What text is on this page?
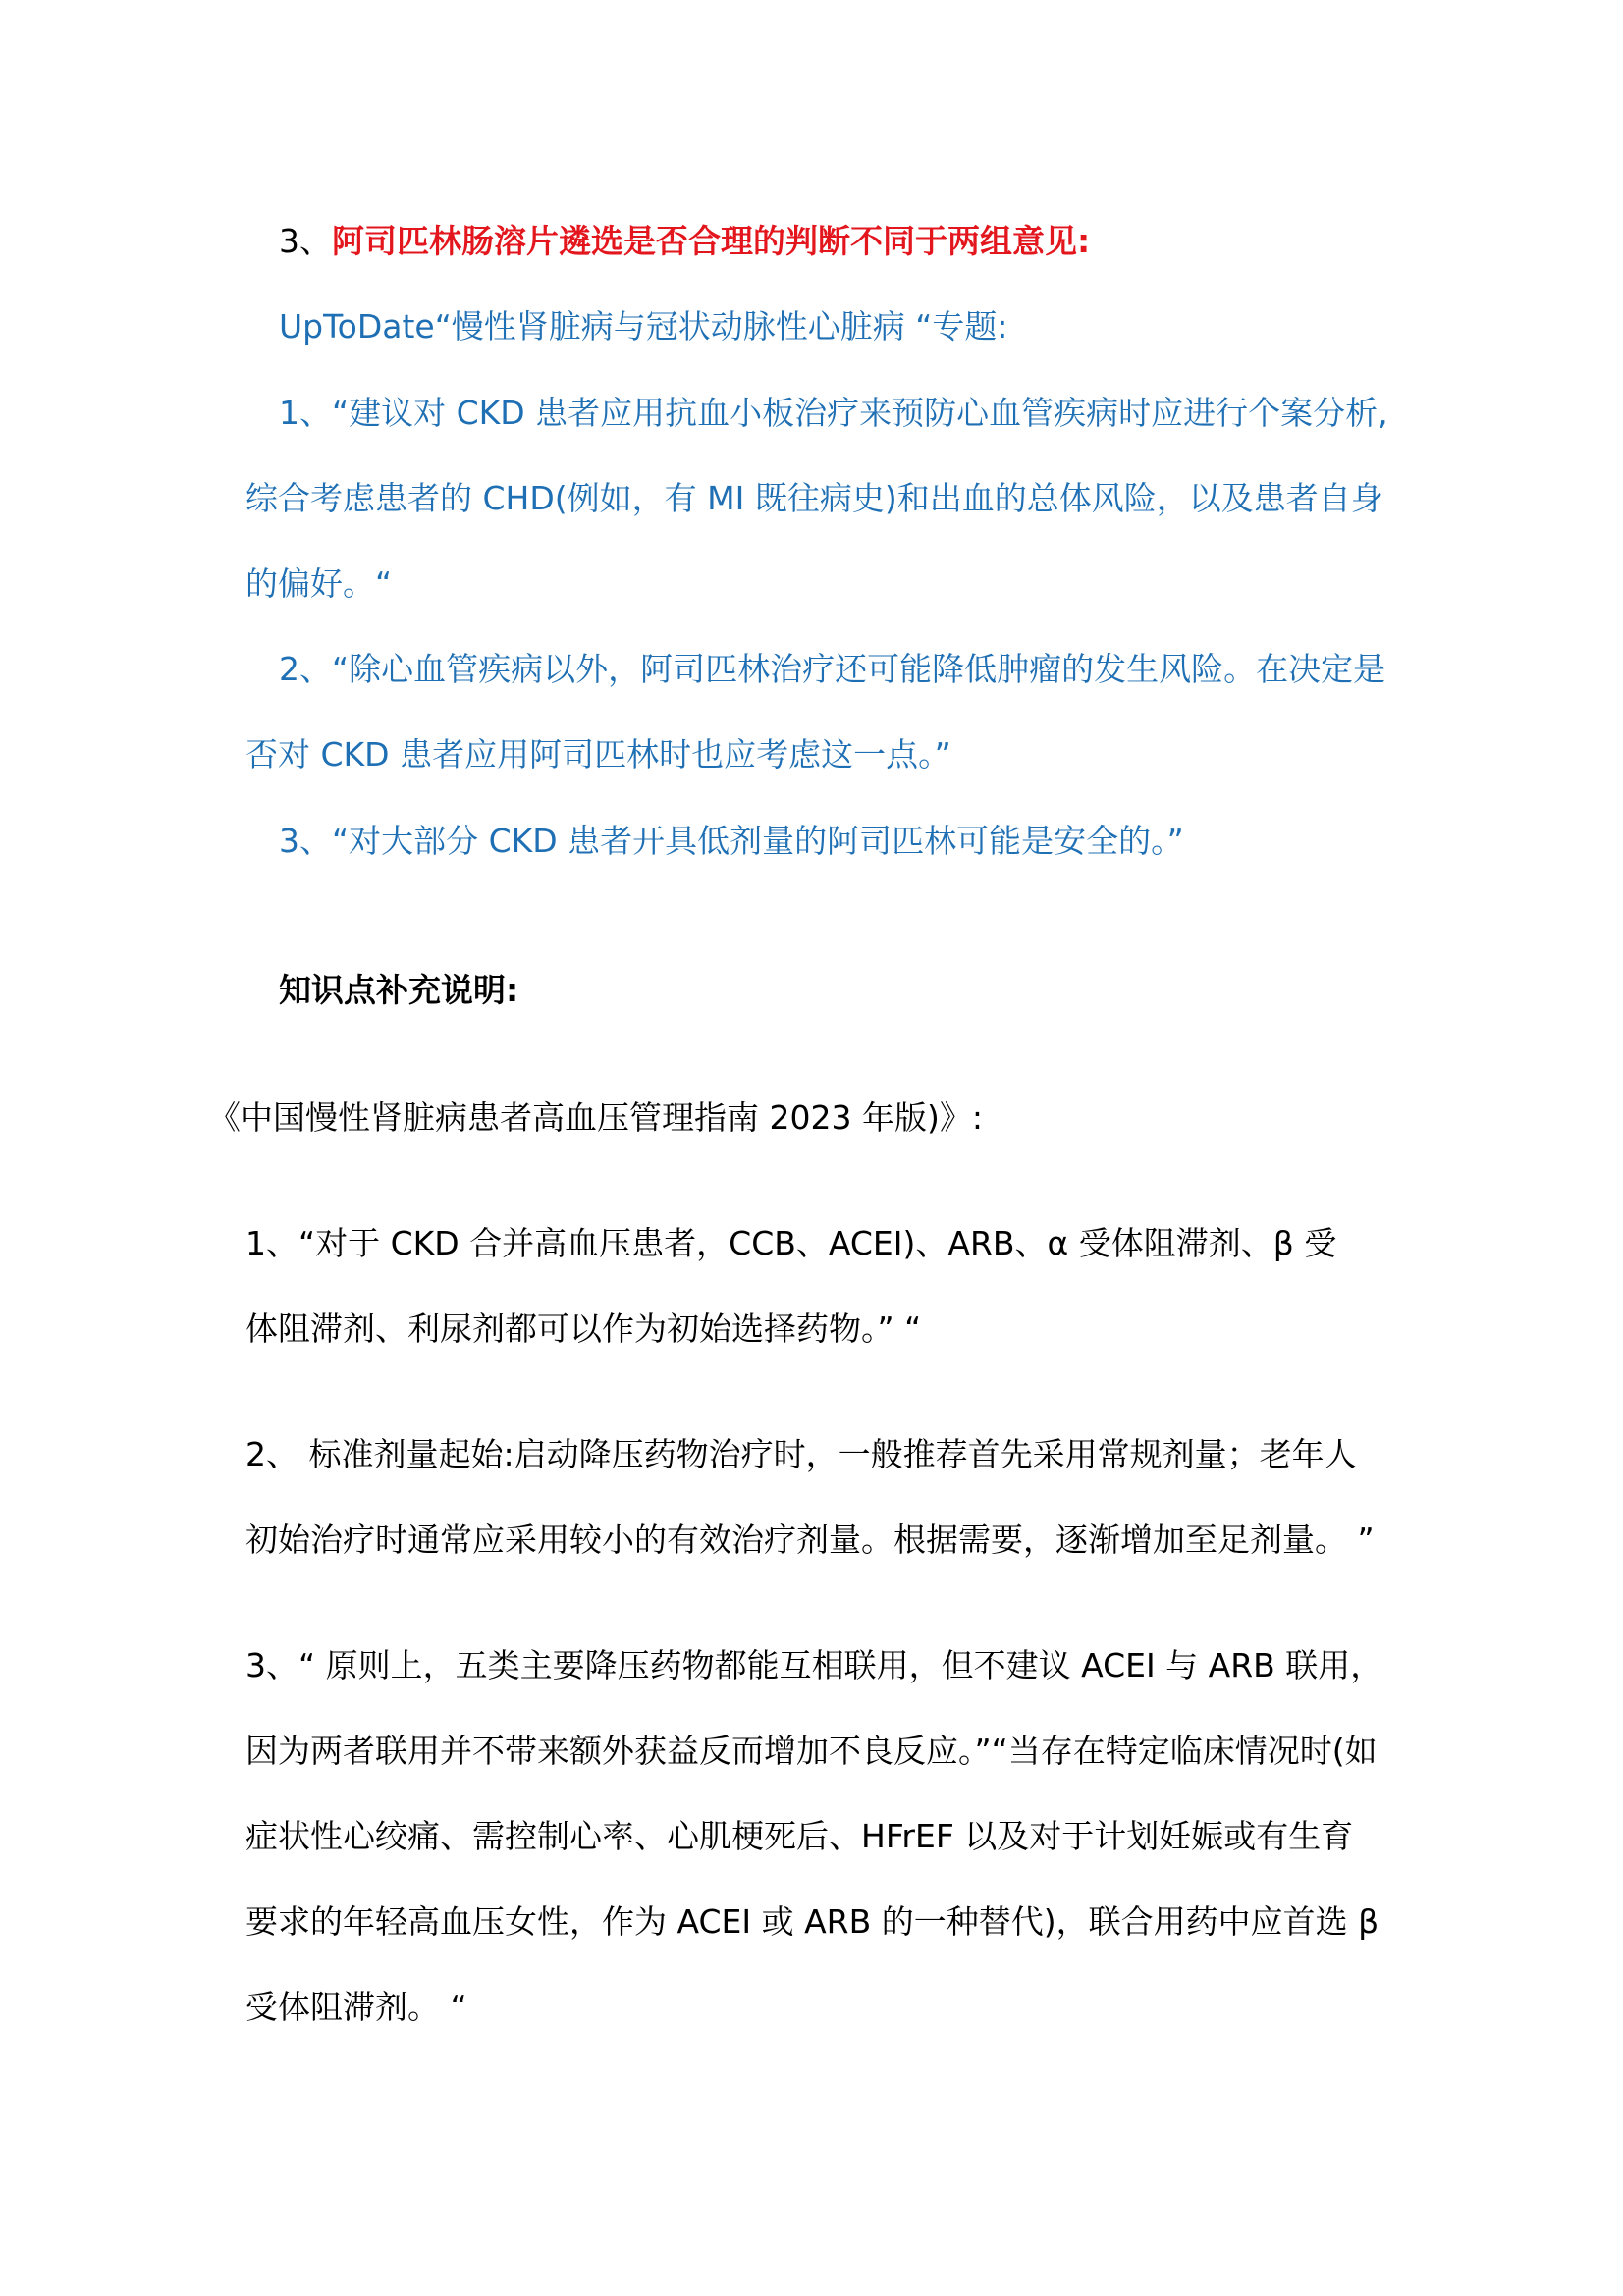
3、阿司匹林肠溶片遴选是否合理的判断不同于两组意见:
UpToDate“慢性肾脏病与冠状动脉性心脏病 “专题:
1、“建议对 CKD 患者应用抗血小板治疗来预防心血管疾病时应进行个案分析,
综合考虑患者的 CHD(例如，有 MI 既往病史)和出血的总体风险，以及患者自身
的偏好。“
2、“除心血管疾病以外，阿司匹林治疗还可能降低肿瘤的发生风险。在决定是
否对 CKD 患者应用阿司匹林时也应考虑这一点。”
3、“对大部分 CKD 患者开具低剂量的阿司匹林可能是安全的。”
知识点补充说明:
《中国慢性肾脏病患者高血压管理指南 2023 年版)》:
1、“对于 CKD 合并高血压患者，CCB、ACEI)、ARB、α 受体阻滞剂、β 受
体阻滞剂、利尿剂都可以作为初始选择药物。” “
2、 标准剂量起始:启动降压药物治疗时，一般推荐首先采用常规剂量；老年人
初始治疗时通常应采用较小的有效治疗剂量。根据需要，逐渐增加至足剂量。 ”
3、“ 原则上，五类主要降压药物都能互相联用，但不建议 ACEI 与 ARB 联用，
因为两者联用并不带来额外获益反而增加不良反应。”“当存在特定临床情况时(如
症状性心绞痛、需控制心率、心肌梗死后、HFrEF 以及对于计划妊娠或有生育
要求的年轻高血压女性，作为 ACEI 或 ARB 的一种替代)，联合用药中应首选 β
受体阻滞剂。 “
